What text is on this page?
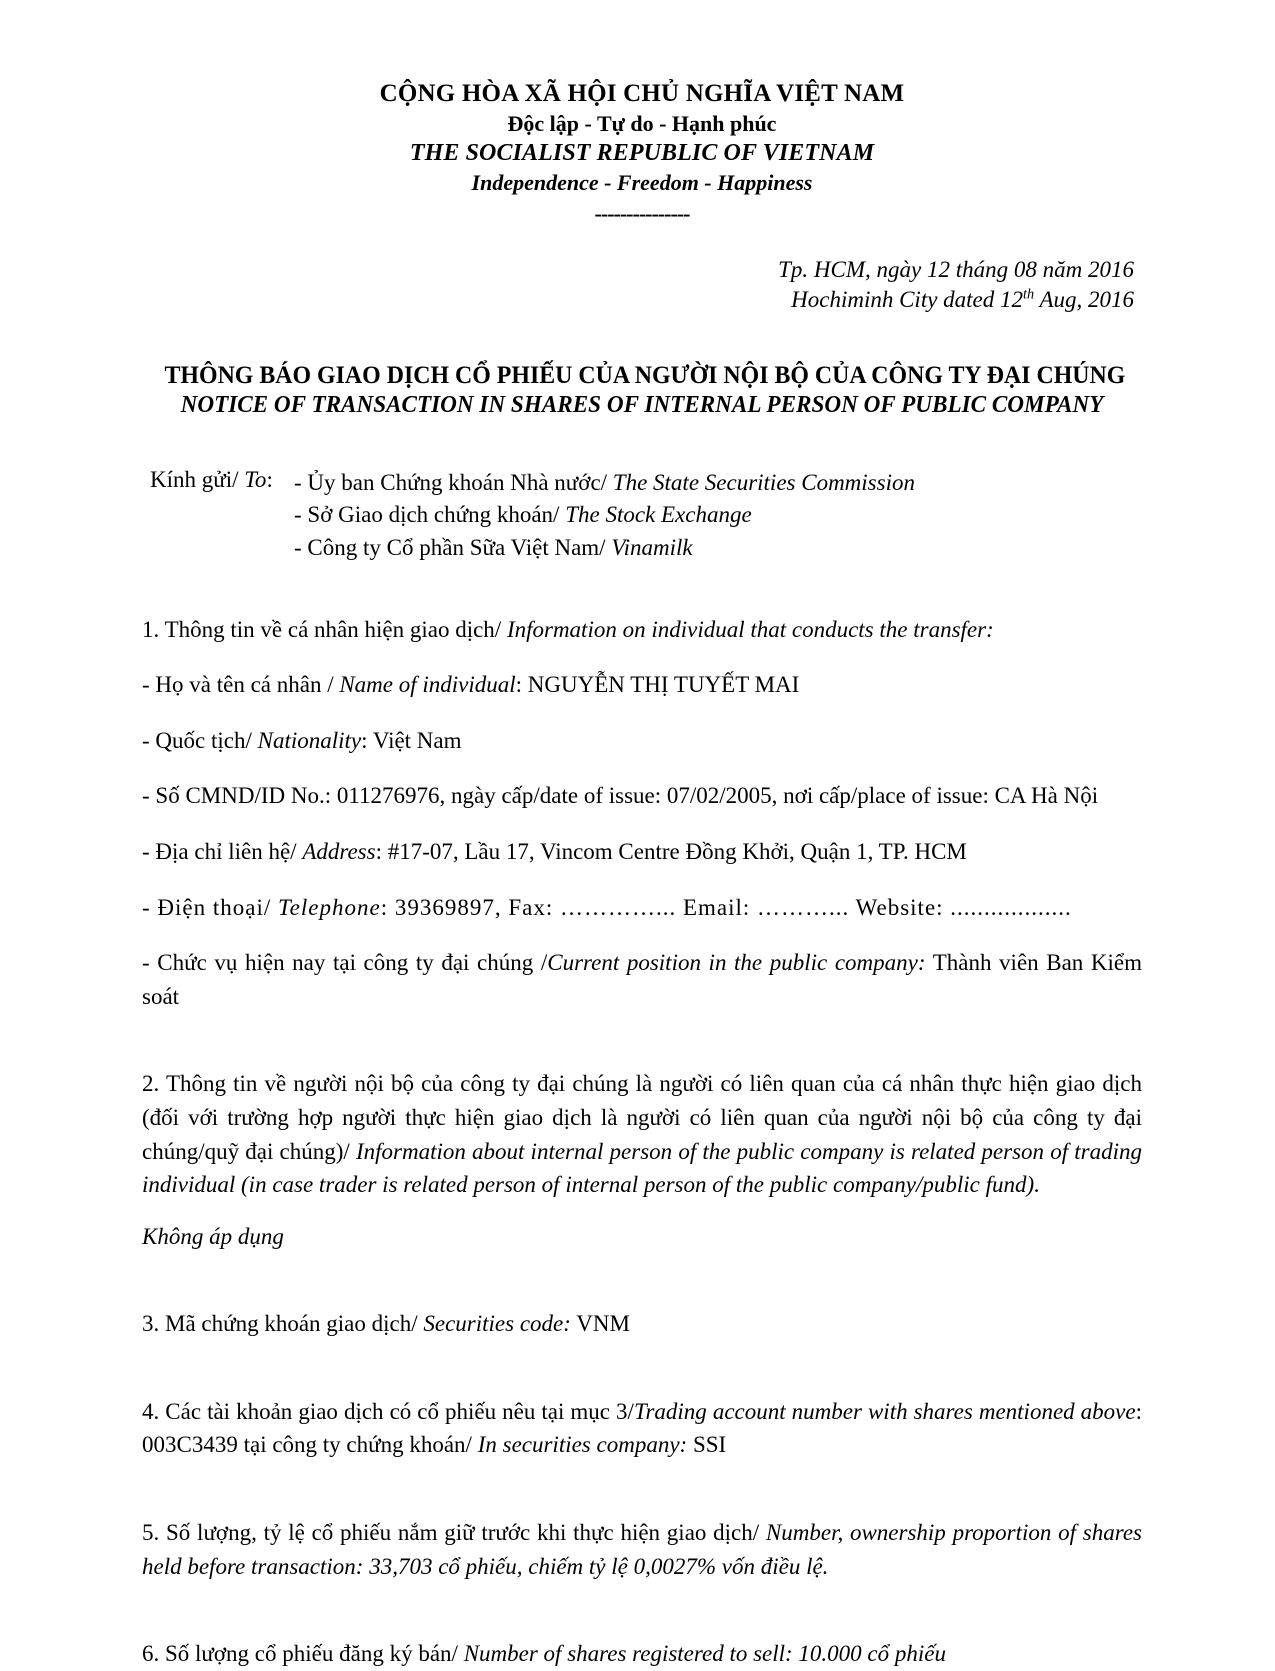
CỘNG HÒA XÃ HỘI CHỦ NGHĨA VIỆT NAM
Độc lập - Tự do - Hạnh phúc
THE SOCIALIST REPUBLIC OF VIETNAM
Independence - Freedom - Happiness
---------------
Tp. HCM, ngày 12 tháng 08 năm 2016
Hochiminh City dated 12th Aug, 2016
THÔNG BÁO GIAO DỊCH CỔ PHIẾU CỦA NGƯỜI NỘI BỘ CỦA CÔNG TY ĐẠI CHÚNG
NOTICE OF TRANSACTION IN SHARES OF INTERNAL PERSON OF PUBLIC COMPANY
Kính gửi/ To: - Ủy ban Chứng khoán Nhà nước/ The State Securities Commission
- Sở Giao dịch chứng khoán/ The Stock Exchange
- Công ty Cổ phần Sữa Việt Nam/ Vinamilk
1. Thông tin về cá nhân hiện giao dịch/ Information on individual that conducts the transfer:
- Họ và tên cá nhân / Name of individual: NGUYỄN THỊ TUYẾT MAI
- Quốc tịch/ Nationality: Việt Nam
- Số CMND/ID No.: 011276976, ngày cấp/date of issue: 07/02/2005, nơi cấp/place of issue: CA Hà Nội
- Địa chỉ liên hệ/ Address: #17-07, Lầu 17, Vincom Centre Đồng Khởi, Quận 1, TP. HCM
- Điện thoại/ Telephone: 39369897, Fax: …………... Email: ………... Website: ..................
- Chức vụ hiện nay tại công ty đại chúng /Current position in the public company: Thành viên Ban Kiểm soát
2. Thông tin về người nội bộ của công ty đại chúng là người có liên quan của cá nhân thực hiện giao dịch (đối với trường hợp người thực hiện giao dịch là người có liên quan của người nội bộ của công ty đại chúng/quỹ đại chúng)/ Information about internal person of the public company is related person of trading individual (in case trader is related person of internal person of the public company/public fund).
Không áp dụng
3. Mã chứng khoán giao dịch/ Securities code: VNM
4. Các tài khoản giao dịch có cổ phiếu nêu tại mục 3/Trading account number with shares mentioned above: 003C3439 tại công ty chứng khoán/ In securities company: SSI
5. Số lượng, tỷ lệ cổ phiếu nắm giữ trước khi thực hiện giao dịch/ Number, ownership proportion of shares held before transaction: 33,703 cổ phiếu, chiếm tỷ lệ 0,0027% vốn điều lệ.
6. Số lượng cổ phiếu đăng ký bán/ Number of shares registered to sell: 10.000 cổ phiếu
